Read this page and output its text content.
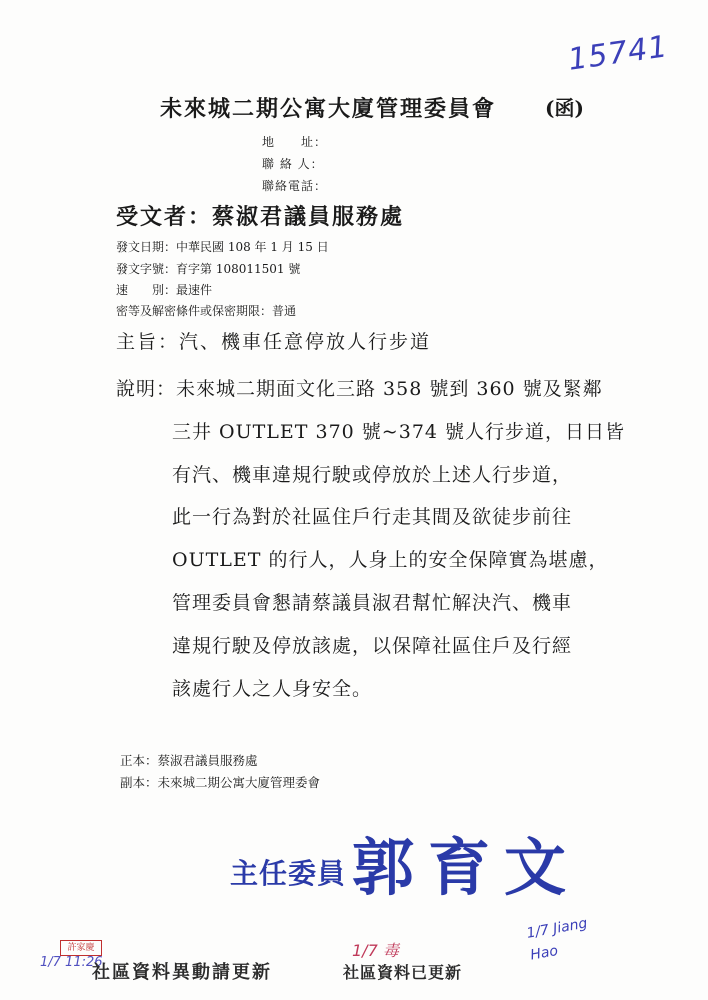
15741
未來城二期公寓大廈管理委員會 (函)
地　　址：
聯 絡 人：
聯絡電話：
受文者：蔡淑君議員服務處
發文日期：中華民國 108 年 1 月 15 日
發文字號：育字第 108011501 號
速　　別：最速件
密等及解密條件或保密期限：普通
主旨：汽、機車任意停放人行步道
說明：未來城二期面文化三路 358 號到 360 號及緊鄰
三井 OUTLET 370 號~374 號人行步道，日日皆
有汽、機車違規行駛或停放於上述人行步道，
此一行為對於社區住戶行走其間及欲徒步前往
OUTLET 的行人，人身上的安全保障實為堪慮，
管理委員會懇請蔡議員淑君幫忙解決汽、機車
違規行駛及停放該處，以保障社區住戶及行經
該處行人之人身安全。
正本：蔡淑君議員服務處
副本：未來城二期公寓大廈管理委會
主任委員郭育文
許家慶
1/7 11:26
社區資料異動請更新
1/7 毒
社區資料已更新
1/7 Jiang Hao
